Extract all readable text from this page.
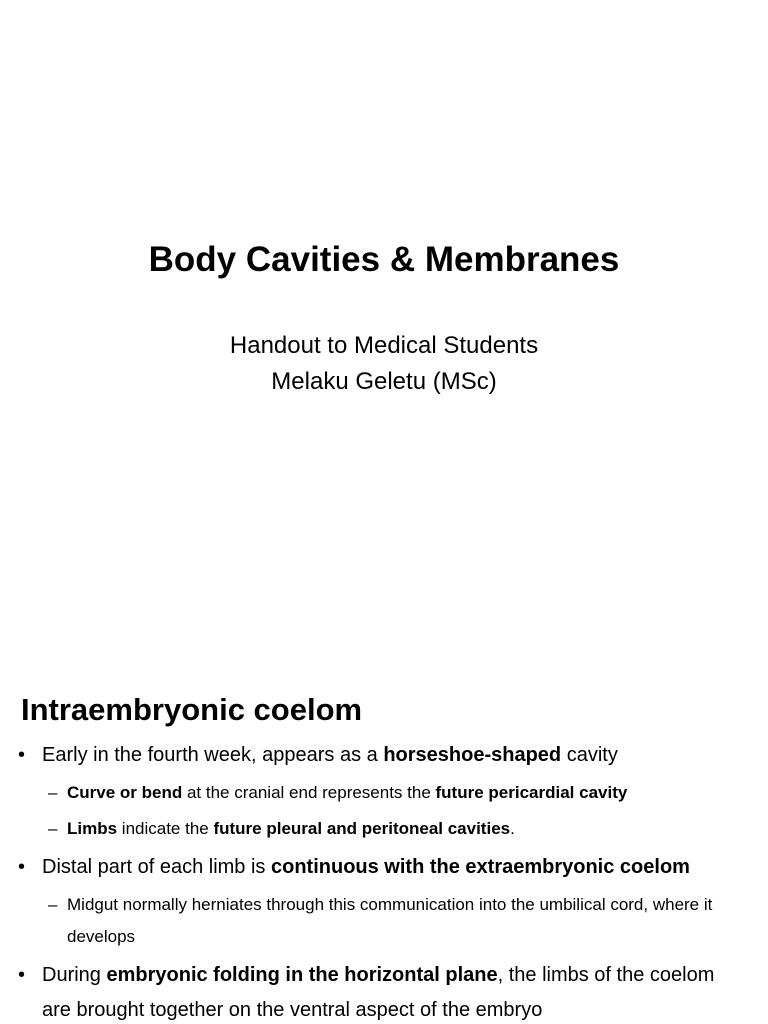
Body Cavities & Membranes
Handout to Medical Students
Melaku Geletu (MSc)
Intraembryonic coelom

• Early in the fourth week, appears as a horseshoe-shaped cavity

– Curve or bend at the cranial end represents the future pericardial cavity

– Limbs indicate the future pleural and peritoneal cavities.

• Distal part of each limb is continuous with the extraembryonic coelom

– Midgut normally herniates through this communication into the umbilical cord, where it develops

• During embryonic folding in the horizontal plane, the limbs of the coelom are brought together on the ventral aspect of the embryo
